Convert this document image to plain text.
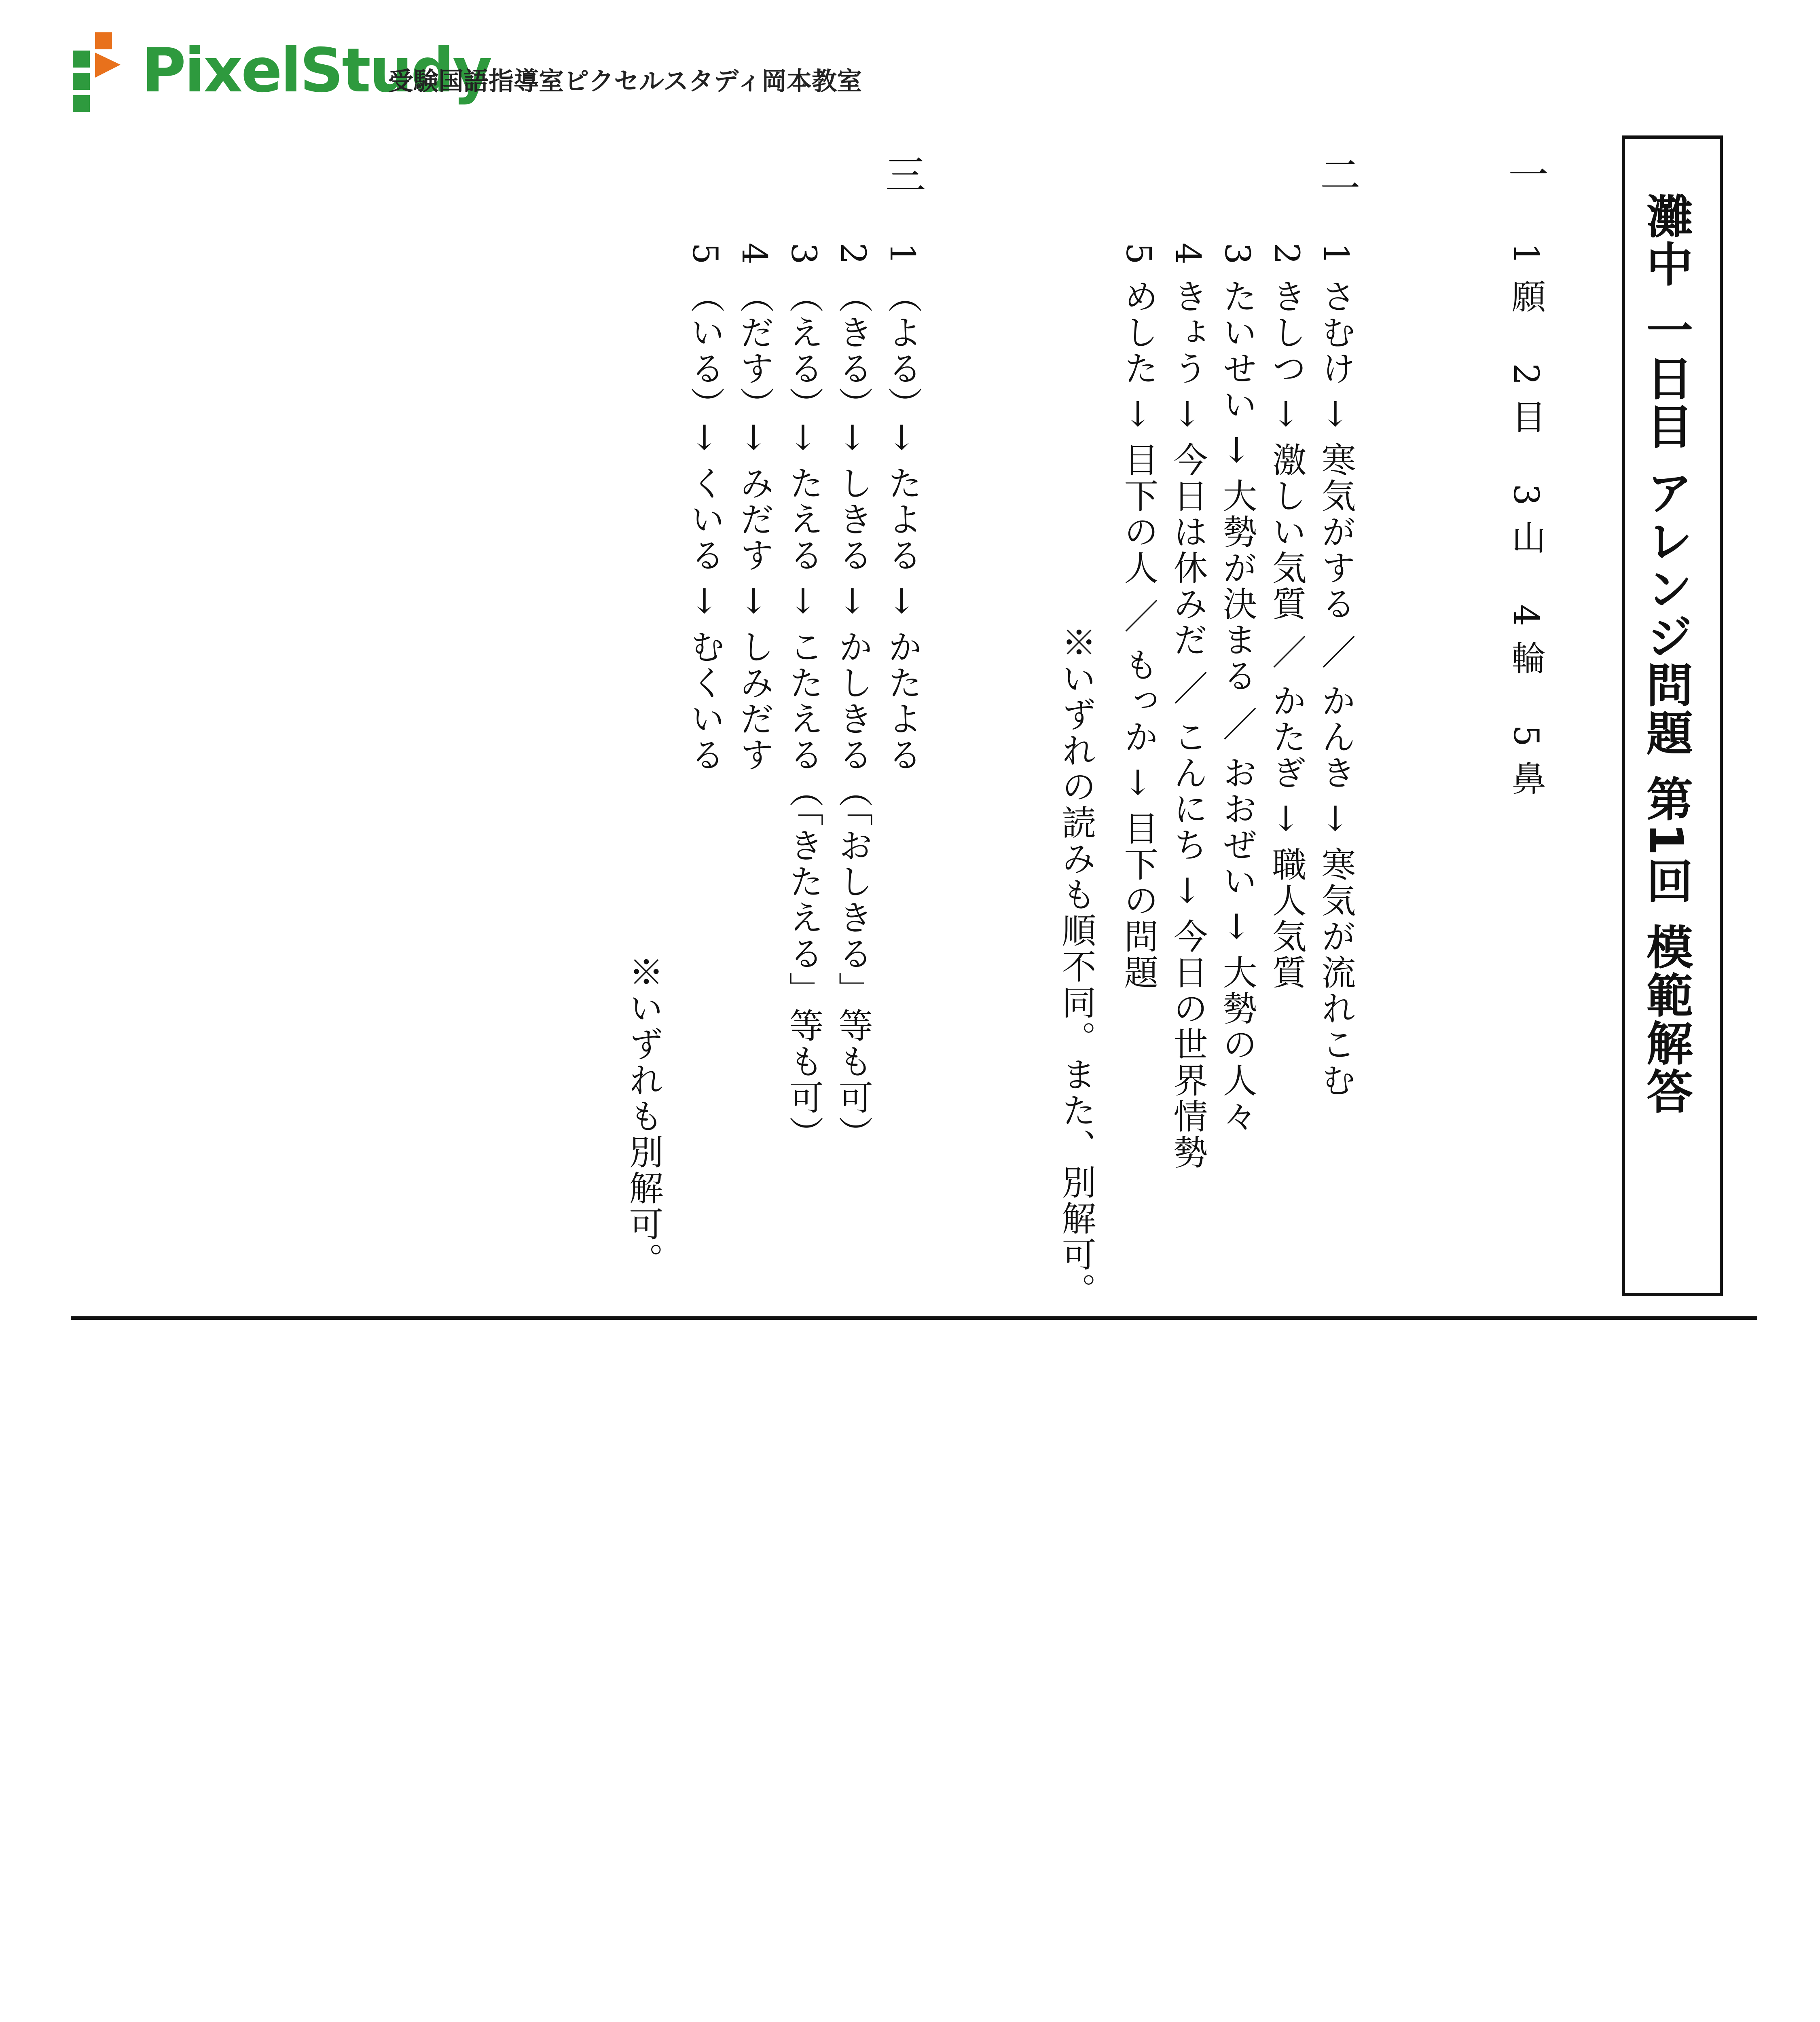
PixelStudy
受験国語指導室ピクセルスタディ岡本教室
灘中 一日目 アレンジ問題 第1回 模範解答
一
1 願　 2 目　 3 山　 4 輪　 5 鼻
二
1 さむけ → 寒気がする ／ かんき → 寒気が流れこむ
2 きしつ → 激しい気質 ／ かたぎ → 職人気質
3 たいせい → 大勢が決まる ／ おおぜい → 大勢の人々
4 きょう → 今日は休みだ ／ こんにち → 今日の世界情勢
5 めした → 目下の人 ／ もっか → 目下の問題
※いずれの読みも順不同。また、別解可。
三
1 （よる）→ たよる → かたよる
2 （きる）→ しきる → かしきる（「おしきる」等も可）
3 （える）→ たえる → こたえる（「きたえる」等も可）
4 （だす）→ みだす → しみだす
5 （いる）→ くいる → むくいる
※いずれも別解可。
